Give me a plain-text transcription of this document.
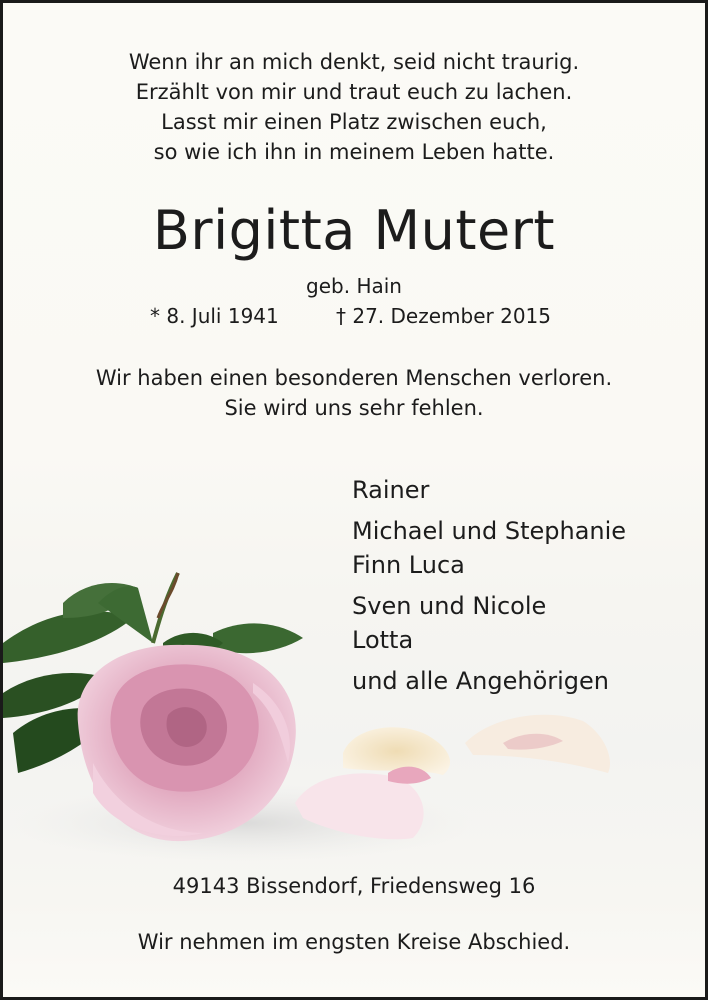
Wenn ihr an mich denkt, seid nicht traurig.
Erzählt von mir und traut euch zu lachen.
Lasst mir einen Platz zwischen euch,
so wie ich ihn in meinem Leben hatte.
Brigitta Mutert
geb. Hain
* 8. Juli 1941	† 27. Dezember 2015
Wir haben einen besonderen Menschen verloren.
Sie wird uns sehr fehlen.
Rainer
Michael und Stephanie
Finn Luca
Sven und Nicole
Lotta
und alle Angehörigen
49143 Bissendorf, Friedensweg 16
Wir nehmen im engsten Kreise Abschied.
